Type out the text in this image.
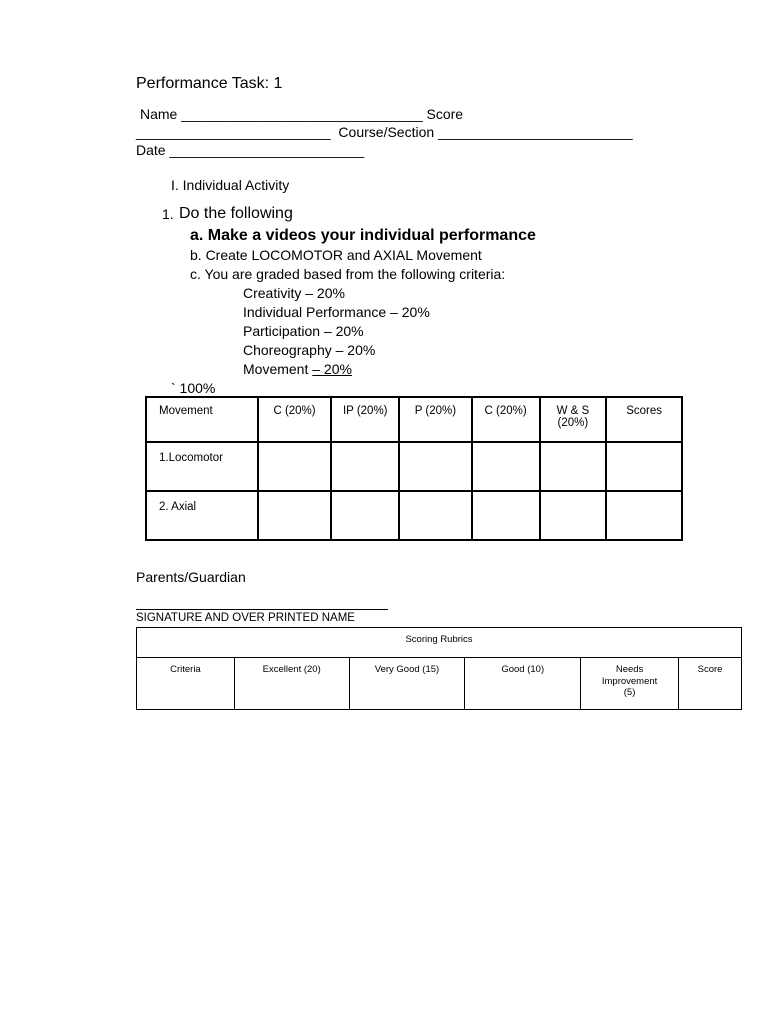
Performance Task: 1
Name _______________________________ Score
_________________________  Course/Section _________________________
Date _________________________
I. Individual Activity
1. Do the following
a. Make a videos your individual performance
b. Create LOCOMOTOR and AXIAL Movement
c. You are graded based from the following criteria:
Creativity – 20%
Individual Performance – 20%
Participation – 20%
Choreography – 20%
Movement – 20%
` 100%
Movement	C (20%)	IP (20%)	P (20%)	C (20%)	W & S (20%)	Scores
1.Locomotor						
2. Axial						
Parents/Guardian
SIGNATURE AND OVER PRINTED NAME
Scoring Rubrics
Criteria	Excellent (20)	Very Good (15)	Good (10)	Needs Improvement (5)	Score
